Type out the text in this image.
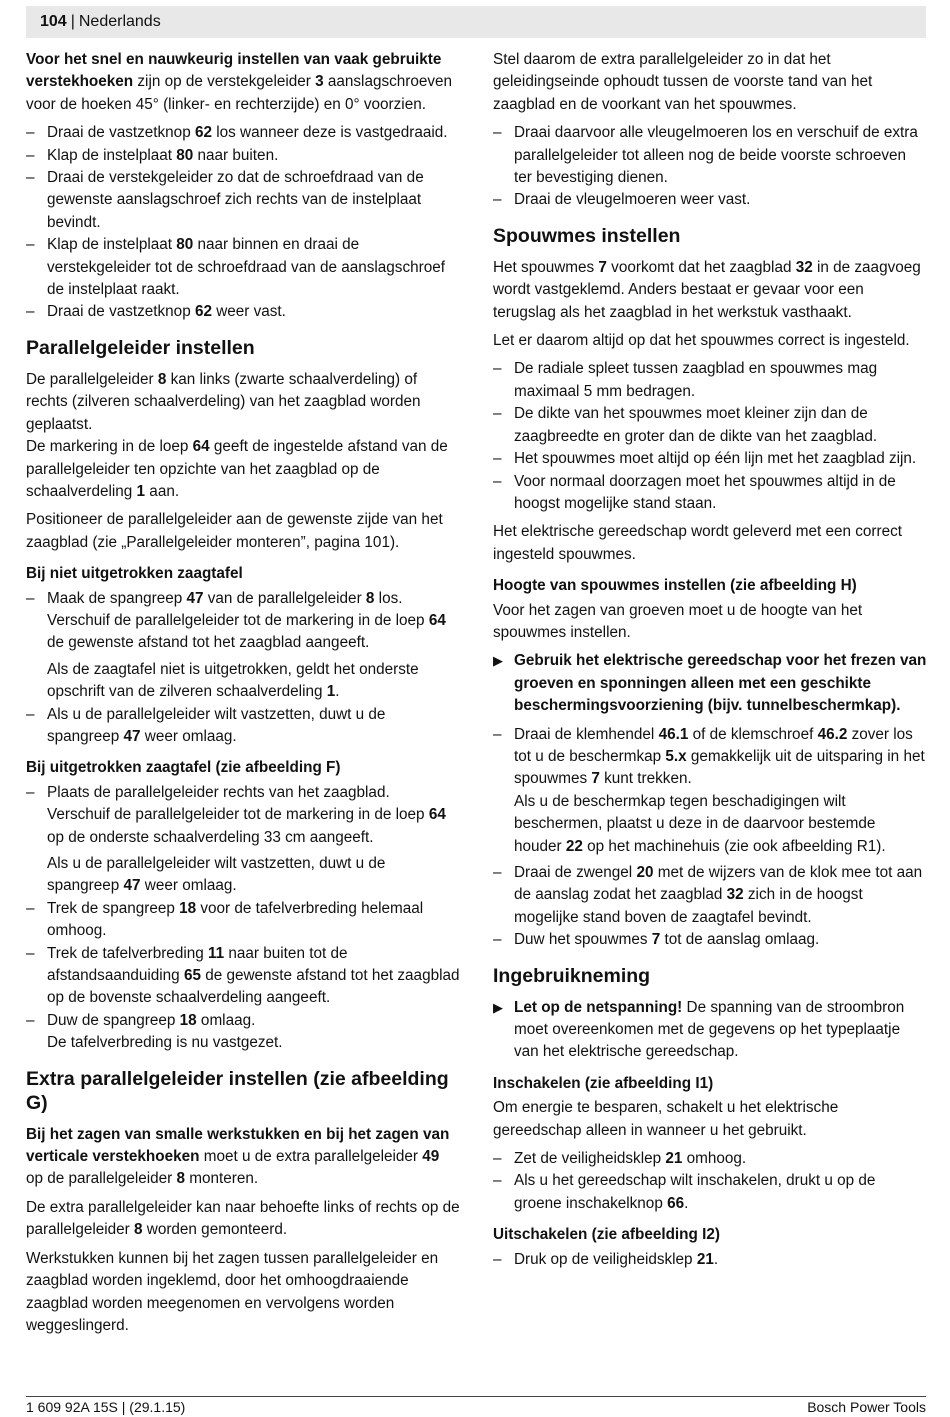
104 | Nederlands

Voor het snel en nauwkeurig instellen van vaak gebruikte verstekhoeken zijn op de verstekgeleider 3 aanslagschroeven voor de hoeken 45° (linker- en rechterzijde) en 0° voorzien.

– Draai de vastzetknop 62 los wanneer deze is vastgedraaid.
– Klap de instelplaat 80 naar buiten.
– Draai de verstekgeleider zo dat de schroefdraad van de gewenste aanslagschroef zich rechts van de instelplaat bevindt.
– Klap de instelplaat 80 naar binnen en draai de verstekgeleider tot de schroefdraad van de aanslagschroef de instelplaat raakt.
– Draai de vastzetknop 62 weer vast.
Parallelgeleider instellen

De parallelgeleider 8 kan links (zwarte schaalverdeling) of rechts (zilveren schaalverdeling) van het zaagblad worden geplaatst.

De markering in de loep 64 geeft de ingestelde afstand van de parallelgeleider ten opzichte van het zaagblad op de schaalverdeling 1 aan.

Positioneer de parallelgeleider aan de gewenste zijde van het zaagblad (zie „Parallelgeleider monteren”, pagina 101).

Bij niet uitgetrokken zaagtafel
– Maak de spangreep 47 van de parallelgeleider 8 los.
Verschuif de parallelgeleider tot de markering in de loep 64 de gewenste afstand tot het zaagblad aangeeft.
Als de zaagtafel niet is uitgetrokken, geldt het onderste opschrift van de zilveren schaalverdeling 1.
– Als u de parallelgeleider wilt vastzetten, duwt u de spangreep 47 weer omlaag.
Bij uitgetrokken zaagtafel (zie afbeelding F)
– Plaats de parallelgeleider rechts van het zaagblad.
Verschuif de parallelgeleider tot de markering in de loep 64 op de onderste schaalverdeling 33 cm aangeeft.
Als u de parallelgeleider wilt vastzetten, duwt u de spangreep 47 weer omlaag.
– Trek de spangreep 18 voor de tafelverbreding helemaal omhoog.
– Trek de tafelverbreding 11 naar buiten tot de afstandsaanduiding 65 de gewenste afstand tot het zaagblad op de bovenste schaalverdeling aangeeft.
– Duw de spangreep 18 omlaag.
De tafelverbreding is nu vastgezet.
Extra parallelgeleider instellen (zie afbeelding G)

Bij het zagen van smalle werkstukken en bij het zagen van verticale verstekhoeken moet u de extra parallelgeleider 49 op de parallelgeleider 8 monteren.

De extra parallelgeleider kan naar behoefte links of rechts op de parallelgeleider 8 worden gemonteerd.

Werkstukken kunnen bij het zagen tussen parallelgeleider en zaagblad worden ingeklemd, door het omhoogdraaiende zaagblad worden meegenomen en vervolgens worden weggeslingerd.

Stel daarom de extra parallelgeleider zo in dat het geleidingseinde ophoudt tussen de voorste tand van het zaagblad en de voorkant van het spouwmes.

– Draai daarvoor alle vleugelmoeren los en verschuif de extra parallelgeleider tot alleen nog de beide voorste schroeven ter bevestiging dienen.
– Draai de vleugelmoeren weer vast.
Spouwmes instellen

Het spouwmes 7 voorkomt dat het zaagblad 32 in de zaagvoeg wordt vastgeklemd. Anders bestaat er gevaar voor een terugslag als het zaagblad in het werkstuk vasthaakt.

Let er daarom altijd op dat het spouwmes correct is ingesteld.

– De radiale spleet tussen zaagblad en spouwmes mag maximaal 5 mm bedragen.
– De dikte van het spouwmes moet kleiner zijn dan de zaagbreedte en groter dan de dikte van het zaagblad.
– Het spouwmes moet altijd op één lijn met het zaagblad zijn.
– Voor normaal doorzagen moet het spouwmes altijd in de hoogst mogelijke stand staan.

Het elektrische gereedschap wordt geleverd met een correct ingesteld spouwmes.

Hoogte van spouwmes instellen (zie afbeelding H)

Voor het zagen van groeven moet u de hoogte van het spouwmes instellen.

▶ Gebruik het elektrische gereedschap voor het frezen van groeven en sponningen alleen met een geschikte beschermingsvoorziening (bijv. tunnelbeschermkap).
– Draai de klemhendel 46.1 of de klemschroef 46.2 zover los tot u de beschermkap 5.x gemakkelijk uit de uitsparing in het spouwmes 7 kunt trekken.
Als u de beschermkap tegen beschadigingen wilt beschermen, plaatst u deze in de daarvoor bestemde houder 22 op het machinehuis (zie ook afbeelding R1).
– Draai de zwengel 20 met de wijzers van de klok mee tot aan de aanslag zodat het zaagblad 32 zich in de hoogst mogelijke stand boven de zaagtafel bevindt.
– Duw het spouwmes 7 tot de aanslag omlaag.
Ingebruikneming
▶ Let op de netspanning! De spanning van de stroombron moet overeenkomen met de gegevens op het typeplaatje van het elektrische gereedschap.
Inschakelen (zie afbeelding I1)

Om energie te besparen, schakelt u het elektrische gereedschap alleen in wanneer u het gebruikt.

– Zet de veiligheidsklep 21 omhoog.
– Als u het gereedschap wilt inschakelen, drukt u op de groene inschakelknop 66.
Uitschakelen (zie afbeelding I2)
– Druk op de veiligheidsklep 21.
1 609 92A 15S | (29.1.15)	Bosch Power Tools
